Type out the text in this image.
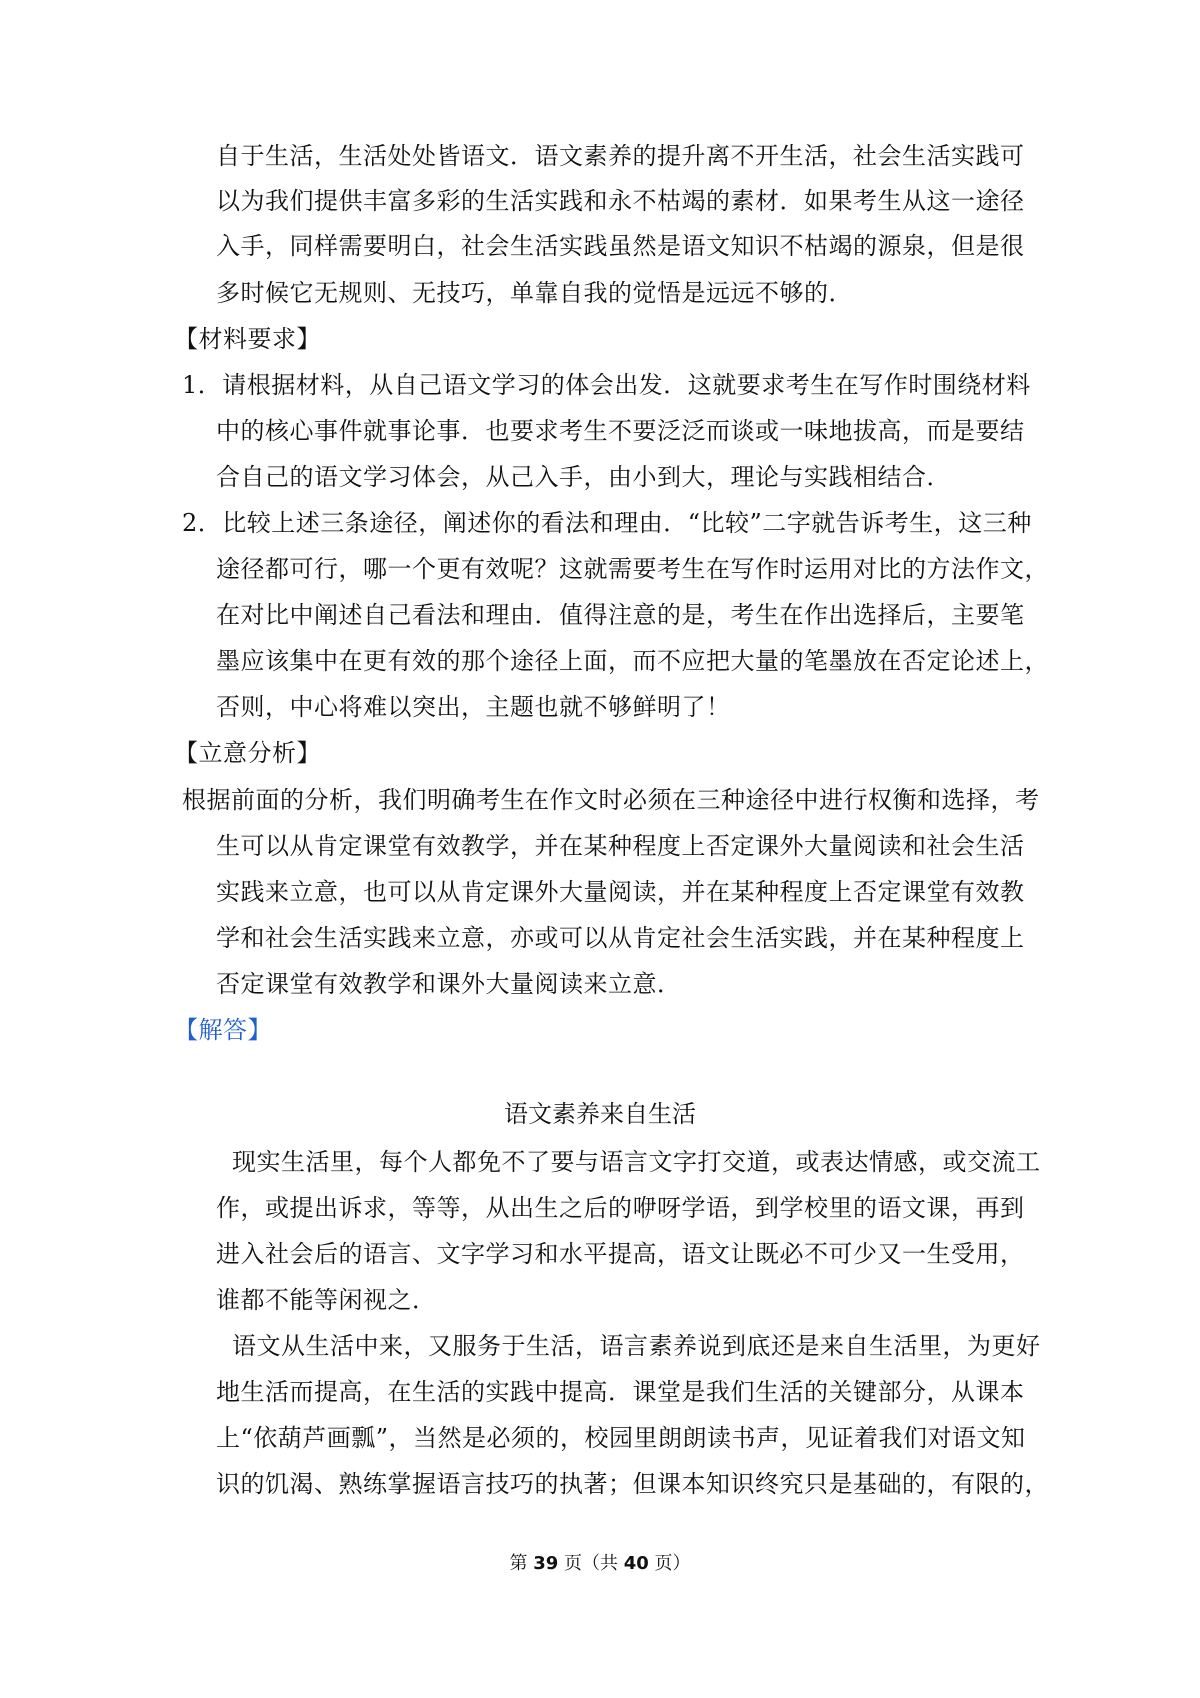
自于生活，生活处处皆语文．语文素养的提升离不开生活，社会生活实践可
以为我们提供丰富多彩的生活实践和永不枯竭的素材．如果考生从这一途径
入手，同样需要明白，社会生活实践虽然是语文知识不枯竭的源泉，但是很
多时候它无规则、无技巧，单靠自我的觉悟是远远不够的．
【材料要求】
1．请根据材料，从自己语文学习的体会出发．这就要求考生在写作时围绕材料
中的核心事件就事论事．也要求考生不要泛泛而谈或一味地拔高，而是要结
合自己的语文学习体会，从己入手，由小到大，理论与实践相结合．
2．比较上述三条途径，阐述你的看法和理由．“比较”二字就告诉考生，这三种
途径都可行，哪一个更有效呢？这就需要考生在写作时运用对比的方法作文，
在对比中阐述自己看法和理由．值得注意的是，考生在作出选择后，主要笔
墨应该集中在更有效的那个途径上面，而不应把大量的笔墨放在否定论述上，
否则，中心将难以突出，主题也就不够鲜明了！
【立意分析】
根据前面的分析，我们明确考生在作文时必须在三种途径中进行权衡和选择，考
生可以从肯定课堂有效教学，并在某种程度上否定课外大量阅读和社会生活
实践来立意，也可以从肯定课外大量阅读，并在某种程度上否定课堂有效教
学和社会生活实践来立意，亦或可以从肯定社会生活实践，并在某种程度上
否定课堂有效教学和课外大量阅读来立意．
【解答】
语文素养来自生活
现实生活里，每个人都免不了要与语言文字打交道，或表达情感，或交流工
作，或提出诉求，等等，从出生之后的咿呀学语，到学校里的语文课，再到
进入社会后的语言、文字学习和水平提高，语文让既必不可少又一生受用，
谁都不能等闲视之．
语文从生活中来，又服务于生活，语言素养说到底还是来自生活里，为更好
地生活而提高，在生活的实践中提高．课堂是我们生活的关键部分，从课本
上“依葫芦画瓢”，当然是必须的，校园里朗朗读书声，见证着我们对语文知
识的饥渴、熟练掌握语言技巧的执著；但课本知识终究只是基础的，有限的，
第 39 页（共 40 页）
